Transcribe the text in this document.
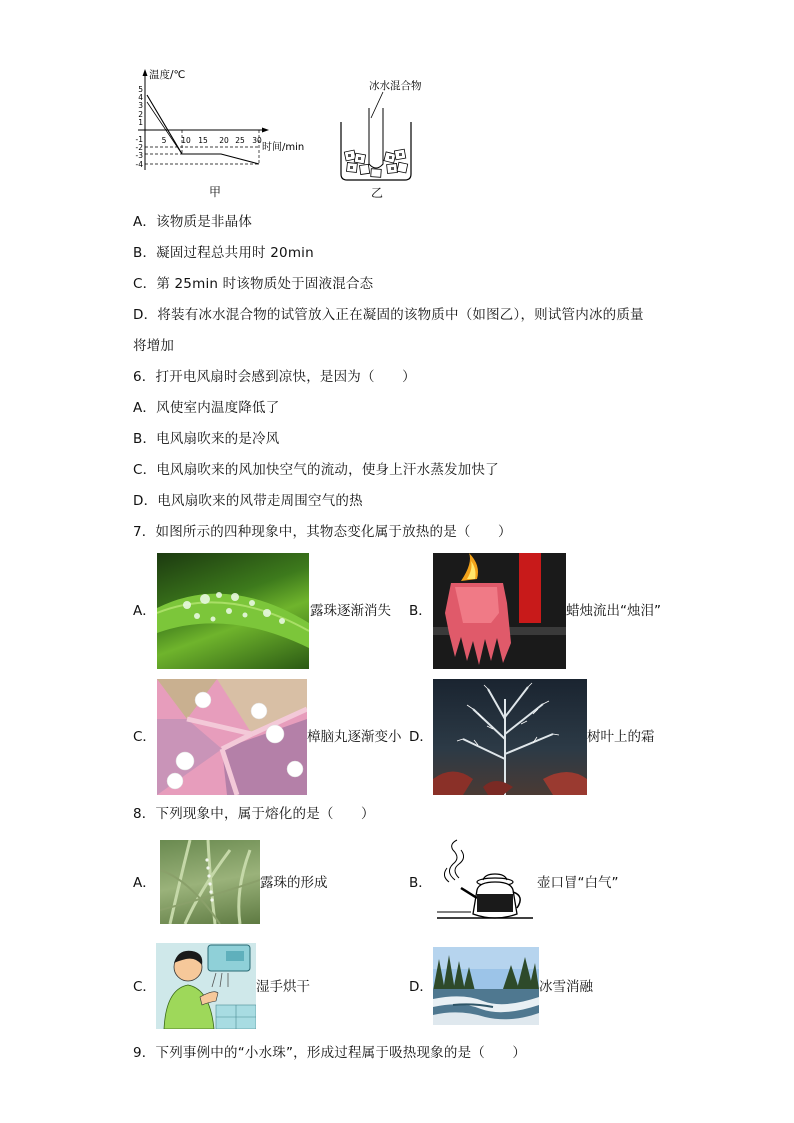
温度/℃
时间/min
5
4
3
2
1
-1
-2
-3
-4
5 10 15 20 25 30
甲
冰水混合物
乙
A．该物质是非晶体
B．凝固过程总共用时 20min
C．第 25min 时该物质处于固液混合态
D．将装有冰水混合物的试管放入正在凝固的该物质中（如图乙），则试管内冰的质量
将增加
6．打开电风扇时会感到凉快，是因为（　　）
A．风使室内温度降低了
B．电风扇吹来的是冷风
C．电风扇吹来的风加快空气的流动，使身上汗水蒸发加快了
D．电风扇吹来的风带走周围空气的热
7．如图所示的四种现象中，其物态变化属于放热的是（　　）
A．	露珠逐渐消失 B．	蜡烛流出“烛泪”
C．	樟脑丸逐渐变小 D．	树叶上的霜
8．下列现象中，属于熔化的是（　　）
A．	露珠的形成	B．	壶口冒“白气”
C．	湿手烘干	D．	冰雪消融
9．下列事例中的“小水珠”，形成过程属于吸热现象的是（　　）
